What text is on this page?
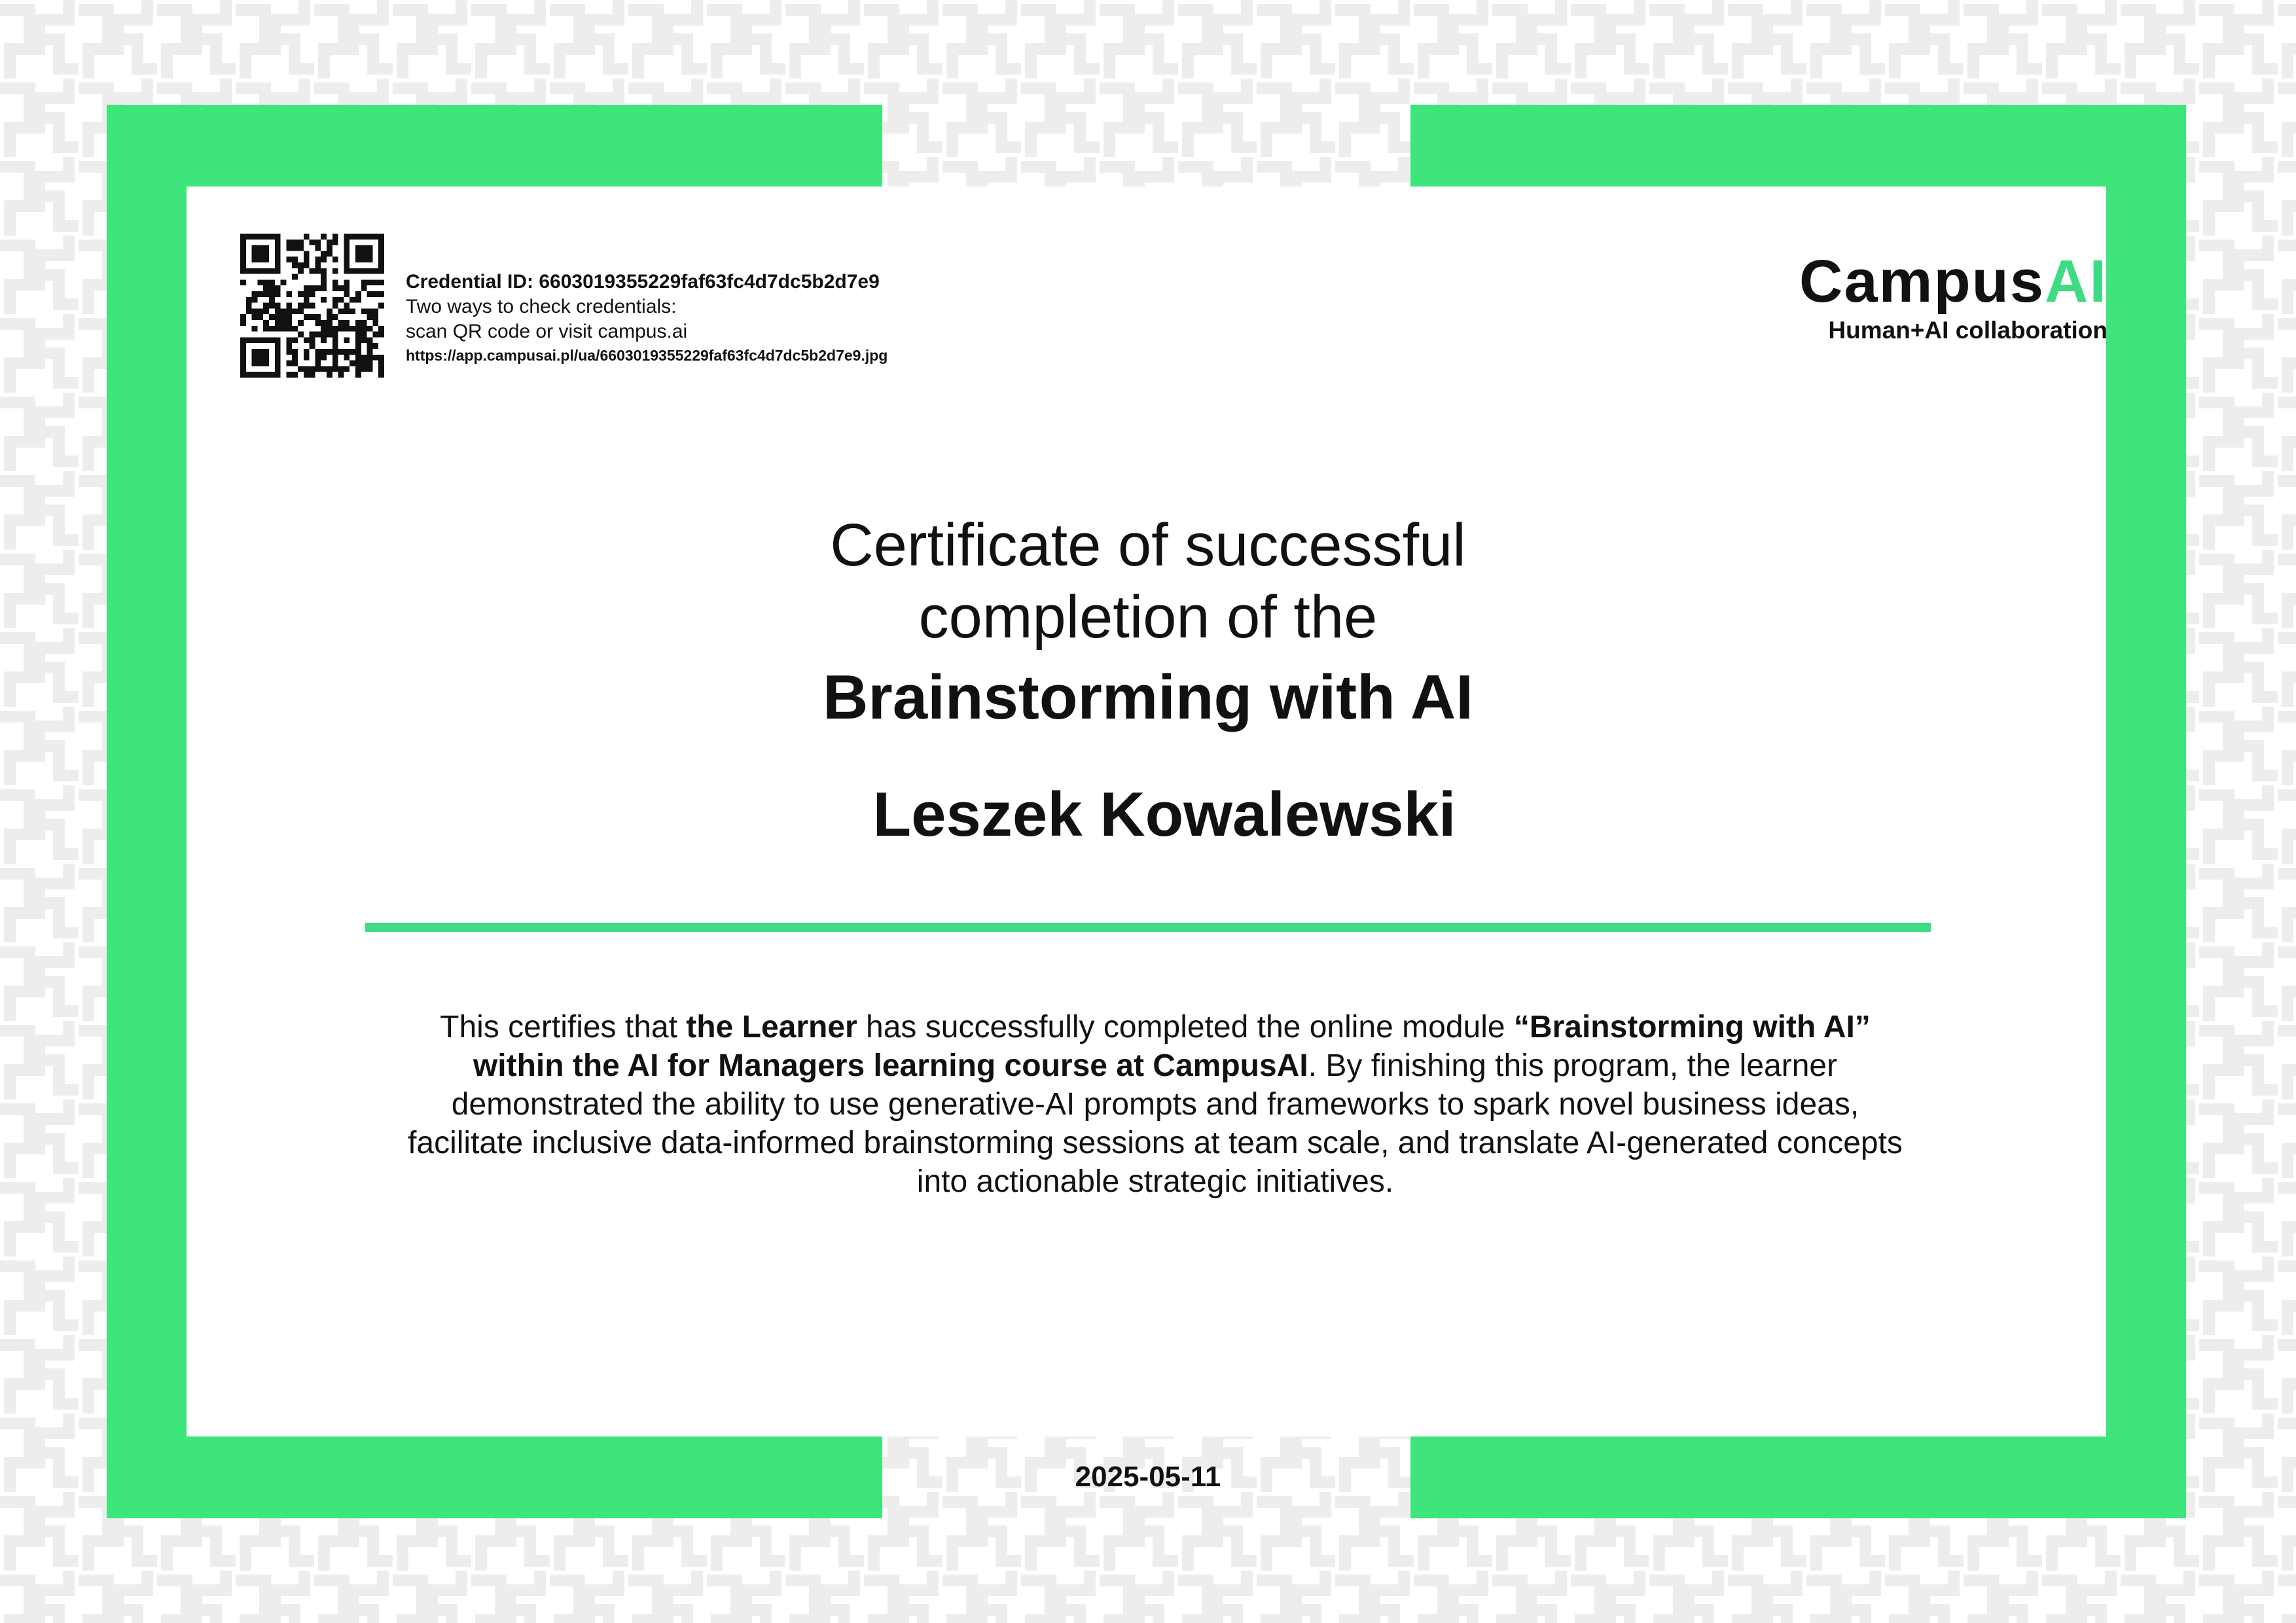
Credential ID: 6603019355229faf63fc4d7dc5b2d7e9
Two ways to check credentials:
scan QR code or visit campus.ai
https://app.campusai.pl/ua/6603019355229faf63fc4d7dc5b2d7e9.jpg
CampusAI
Human+AI collaboration
Certificate of successful
completion of the
Brainstorming with AI
Leszek Kowalewski
This certifies that the Learner has successfully completed the online module “Brainstorming with AI” within the AI for Managers learning course at CampusAI. By finishing this program, the learner demonstrated the ability to use generative-AI prompts and frameworks to spark novel business ideas, facilitate inclusive data-informed brainstorming sessions at team scale, and translate AI-generated concepts into actionable strategic initiatives.
2025-05-11
